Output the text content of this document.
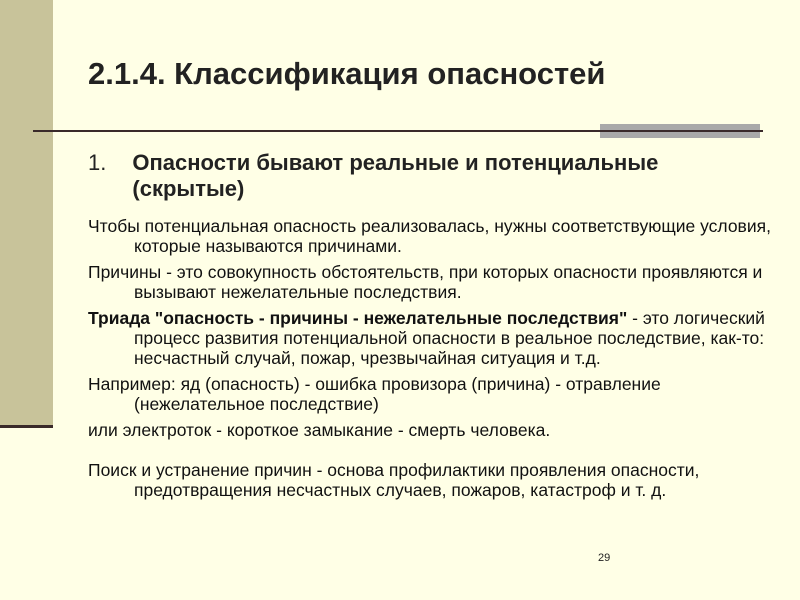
2.1.4. Классификация опасностей
1.	Опасности бывают реальные и потенциальные (скрытые)

Чтобы потенциальная опасность реализовалась, нужны соответствующие условия, которые называются причинами.

Причины - это совокупность обстоятельств, при которых опасности проявляются и вызывают нежелательные последствия.

Триада "опасность - причины - нежелательные последствия" - это логический процесс развития потенциальной опасности в реальное последствие, как-то: несчастный случай, пожар, чрезвычайная ситуация и т.д.

Например: яд (опасность) - ошибка провизора (причина) - отравление (нежелательное последствие)

или электроток - короткое замыкание - смерть человека.

Поиск и устранение причин - основа профилактики проявления опасности, предотвращения несчастных случаев, пожаров, катастроф и т. д.

29
